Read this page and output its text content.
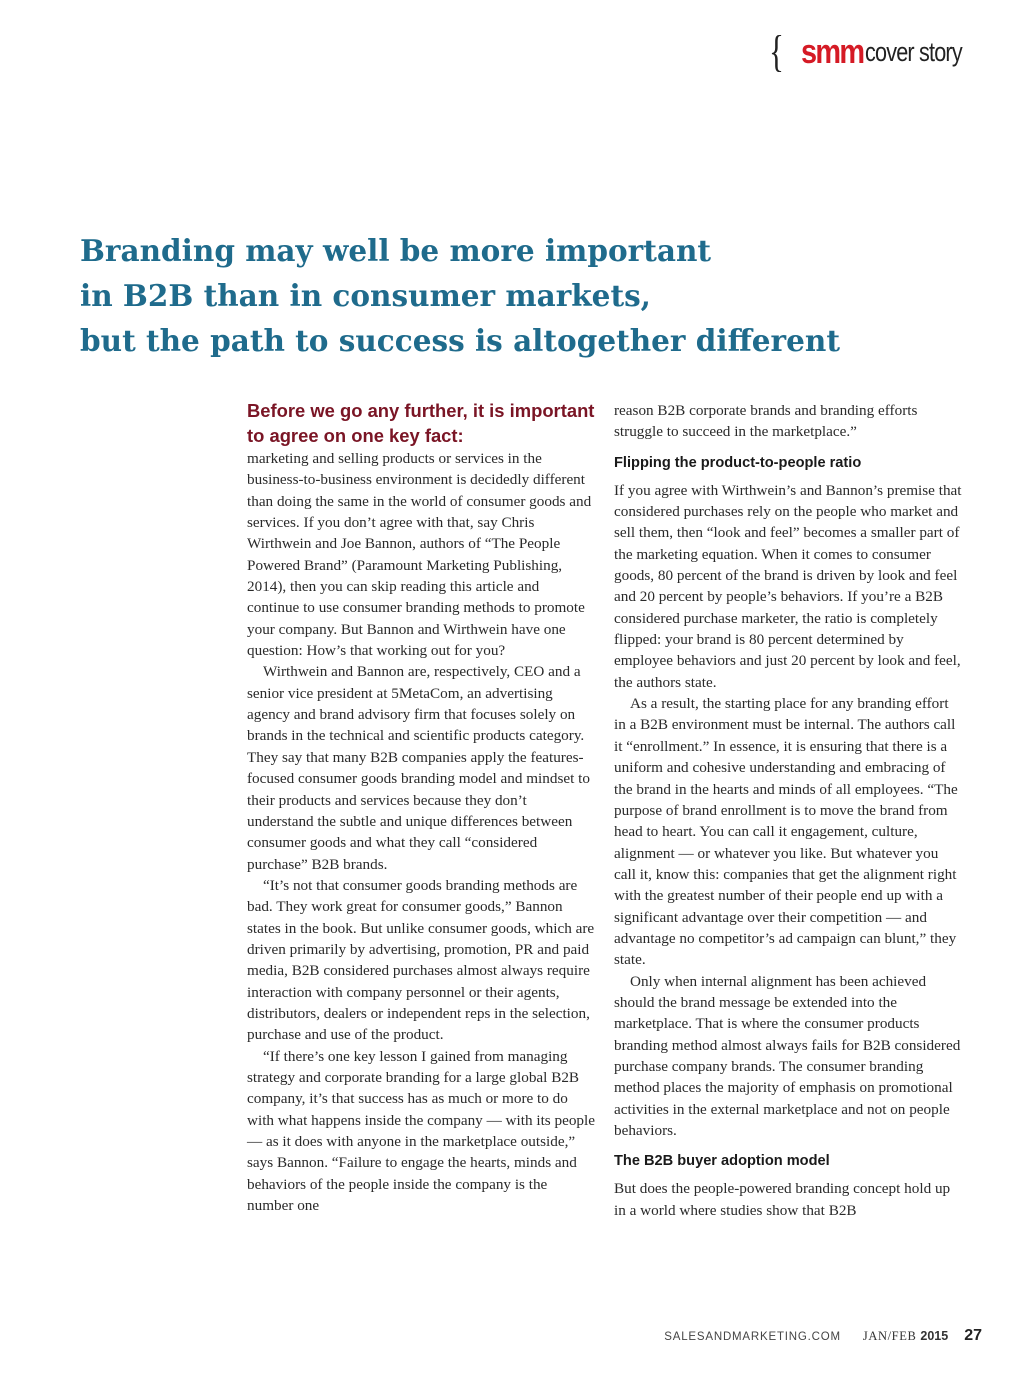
{ smm cover story
Branding may well be more important
in B2B than in consumer markets,
but the path to success is altogether different

Before we go any further, it is important to agree on one key fact:

marketing and selling products or services in the business-to-business environment is decidedly different than doing the same in the world of consumer goods and services. If you don’t agree with that, say Chris Wirthwein and Joe Bannon, authors of “The People Powered Brand” (Paramount Marketing Publishing, 2014), then you can skip reading this article and continue to use consumer branding methods to promote your company. But Bannon and Wirthwein have one question: How’s that working out for you?

Wirthwein and Bannon are, respectively, CEO and a senior vice president at 5MetaCom, an advertising agency and brand advisory firm that focuses solely on brands in the technical and scientific products category. They say that many B2B companies apply the features-focused consumer goods branding model and mindset to their products and services because they don’t understand the subtle and unique differences between consumer goods and what they call “considered purchase” B2B brands.

“It’s not that consumer goods branding methods are bad. They work great for consumer goods,” Bannon states in the book. But unlike consumer goods, which are driven primarily by advertising, promotion, PR and paid media, B2B considered purchases almost always require interaction with company personnel or their agents, distributors, dealers or independent reps in the selection, purchase and use of the product.

“If there’s one key lesson I gained from managing strategy and corporate branding for a large global B2B company, it’s that success has as much or more to do with what happens inside the company — with its people — as it does with anyone in the marketplace outside,” says Bannon. “Failure to engage the hearts, minds and behaviors of the people inside the company is the number one

reason B2B corporate brands and branding efforts struggle to succeed in the marketplace.”

Flipping the product-to-people ratio

If you agree with Wirthwein’s and Bannon’s premise that considered purchases rely on the people who market and sell them, then “look and feel” becomes a smaller part of the marketing equation. When it comes to consumer goods, 80 percent of the brand is driven by look and feel and 20 percent by people’s behaviors. If you’re a B2B considered purchase marketer, the ratio is completely flipped: your brand is 80 percent determined by employee behaviors and just 20 percent by look and feel, the authors state.

As a result, the starting place for any branding effort in a B2B environment must be internal. The authors call it “enrollment.” In essence, it is ensuring that there is a uniform and cohesive understanding and embracing of the brand in the hearts and minds of all employees. “The purpose of brand enrollment is to move the brand from head to heart. You can call it engagement, culture, alignment — or whatever you like. But whatever you call it, know this: companies that get the alignment right with the greatest number of their people end up with a significant advantage over their competition — and advantage no competitor’s ad campaign can blunt,” they state.

Only when internal alignment has been achieved should the brand message be extended into the marketplace. That is where the consumer products branding method almost always fails for B2B considered purchase company brands. The consumer branding method places the majority of emphasis on promotional activities in the external marketplace and not on people behaviors.

The B2B buyer adoption model

But does the people-powered branding concept hold up in a world where studies show that B2B

SALESANDMARKETING.COM JAN/FEB 2015 27
